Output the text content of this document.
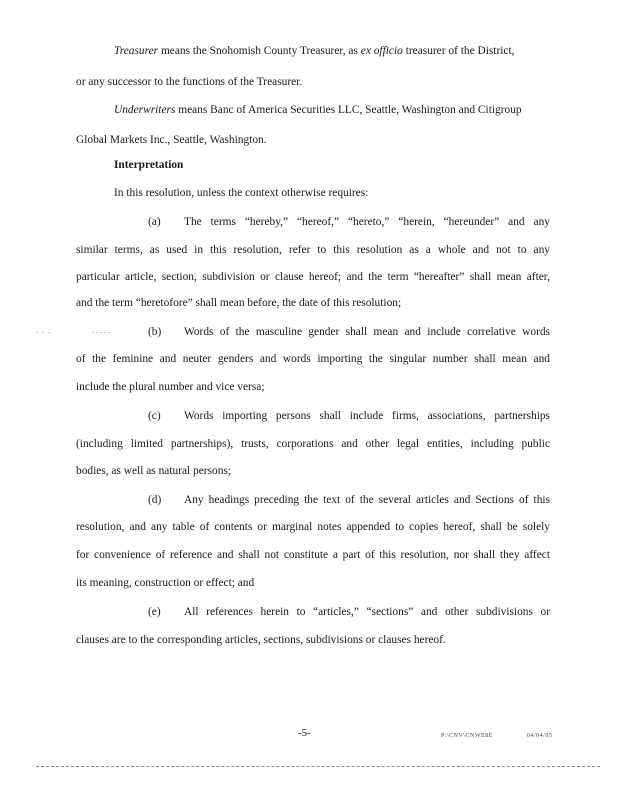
Treasurer means the Snohomish County Treasurer, as ex officio treasurer of the District,
or any successor to the functions of the Treasurer.
Underwriters means Banc of America Securities LLC, Seattle, Washington and Citigroup
Global Markets Inc., Seattle, Washington.
Interpretation
In this resolution, unless the context otherwise requires:
(a) The terms “hereby,” “hereof,” “hereto,” “herein, “hereunder” and any
similar terms, as used in this resolution, refer to this resolution as a whole and not to any
particular article, section, subdivision or clause hereof; and the term “hereafter” shall mean after,
and the term “heretofore” shall mean before, the date of this resolution;
.  .  .	. . . . .	(b) Words of the masculine gender shall mean and include correlative words
of the feminine and neuter genders and words importing the singular number shall mean and
include the plural number and vice versa;
(c) Words importing persons shall include firms, associations, partnerships
(including limited partnerships), trusts, corporations and other legal entities, including public
bodies, as well as natural persons;
(d) Any headings preceding the text of the several articles and Sections of this
resolution, and any table of contents or marginal notes appended to copies hereof, shall be solely
for convenience of reference and shall not constitute a part of this resolution, nor shall they affect
its meaning, construction or effect; and
(e) All references herein to “articles,” “sections” and other subdivisions or
clauses are to the corresponding articles, sections, subdivisions or clauses hereof.
-5-	P:\CNV\CNWE8E	04/04/05
